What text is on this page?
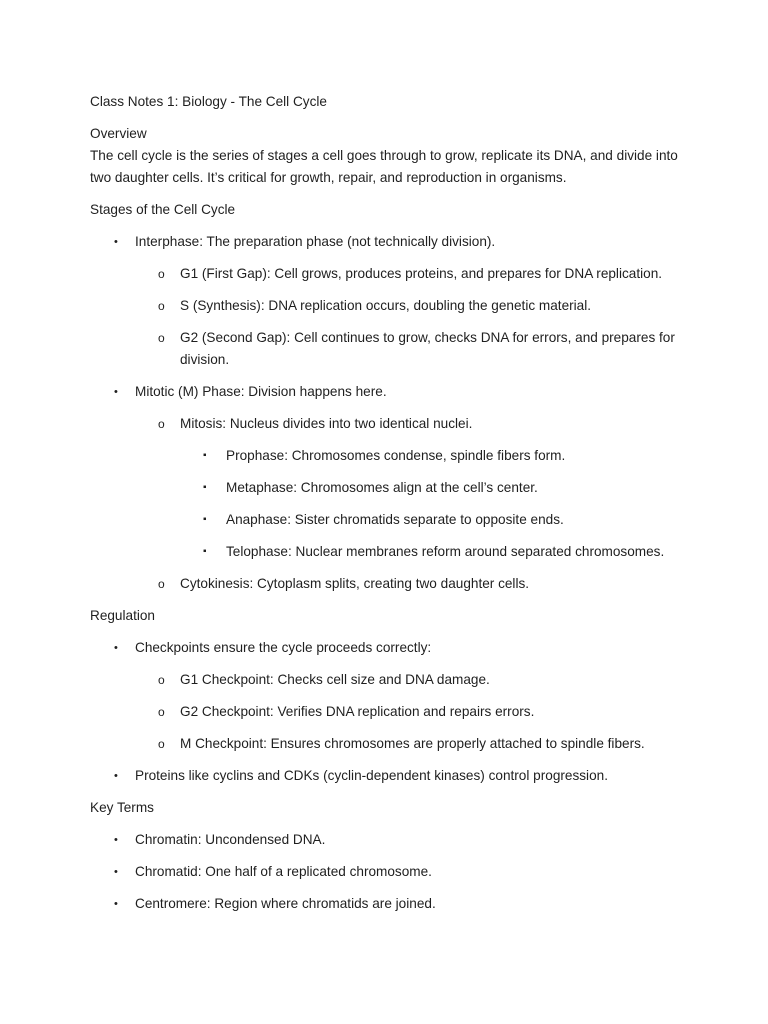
Class Notes 1: Biology - The Cell Cycle
Overview
The cell cycle is the series of stages a cell goes through to grow, replicate its DNA, and divide into two daughter cells. It’s critical for growth, repair, and reproduction in organisms.
Stages of the Cell Cycle
• Interphase: The preparation phase (not technically division).
o G1 (First Gap): Cell grows, produces proteins, and prepares for DNA replication.
o S (Synthesis): DNA replication occurs, doubling the genetic material.
o G2 (Second Gap): Cell continues to grow, checks DNA for errors, and prepares for division.
• Mitotic (M) Phase: Division happens here.
o Mitosis: Nucleus divides into two identical nuclei.
▪ Prophase: Chromosomes condense, spindle fibers form.
▪ Metaphase: Chromosomes align at the cell’s center.
▪ Anaphase: Sister chromatids separate to opposite ends.
▪ Telophase: Nuclear membranes reform around separated chromosomes.
o Cytokinesis: Cytoplasm splits, creating two daughter cells.
Regulation
• Checkpoints ensure the cycle proceeds correctly:
o G1 Checkpoint: Checks cell size and DNA damage.
o G2 Checkpoint: Verifies DNA replication and repairs errors.
o M Checkpoint: Ensures chromosomes are properly attached to spindle fibers.
• Proteins like cyclins and CDKs (cyclin-dependent kinases) control progression.
Key Terms
• Chromatin: Uncondensed DNA.
• Chromatid: One half of a replicated chromosome.
• Centromere: Region where chromatids are joined.
